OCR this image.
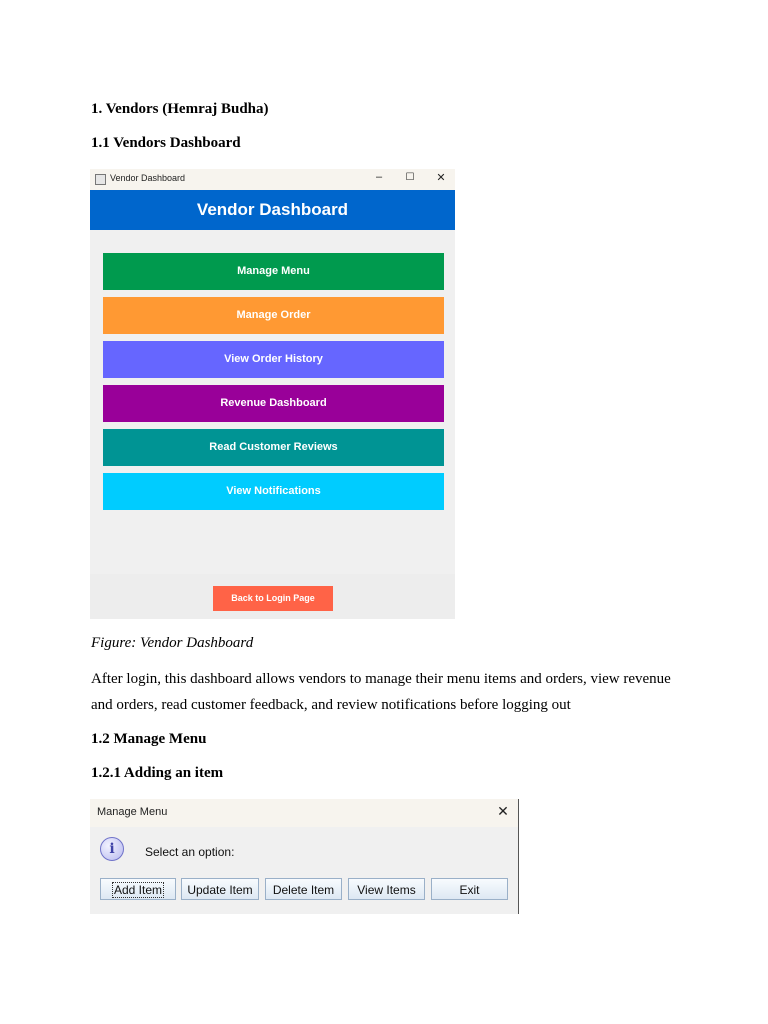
1. Vendors (Hemraj Budha)

1.1 Vendors Dashboard

Vendor Dashboard	–	☐ ✕
Vendor Dashboard
Manage Menu
Manage Order
View Order History
Revenue Dashboard
Read Customer Reviews
View Notifications
Back to Login Page

Figure: Vendor Dashboard

After login, this dashboard allows vendors to manage their menu items and orders, view revenue and orders, read customer feedback, and review notifications before logging out

1.2 Manage Menu

1.2.1 Adding an item

Manage Menu	✕
i	Select an option:
Add Item	Update Item	Delete Item	View Items	Exit
